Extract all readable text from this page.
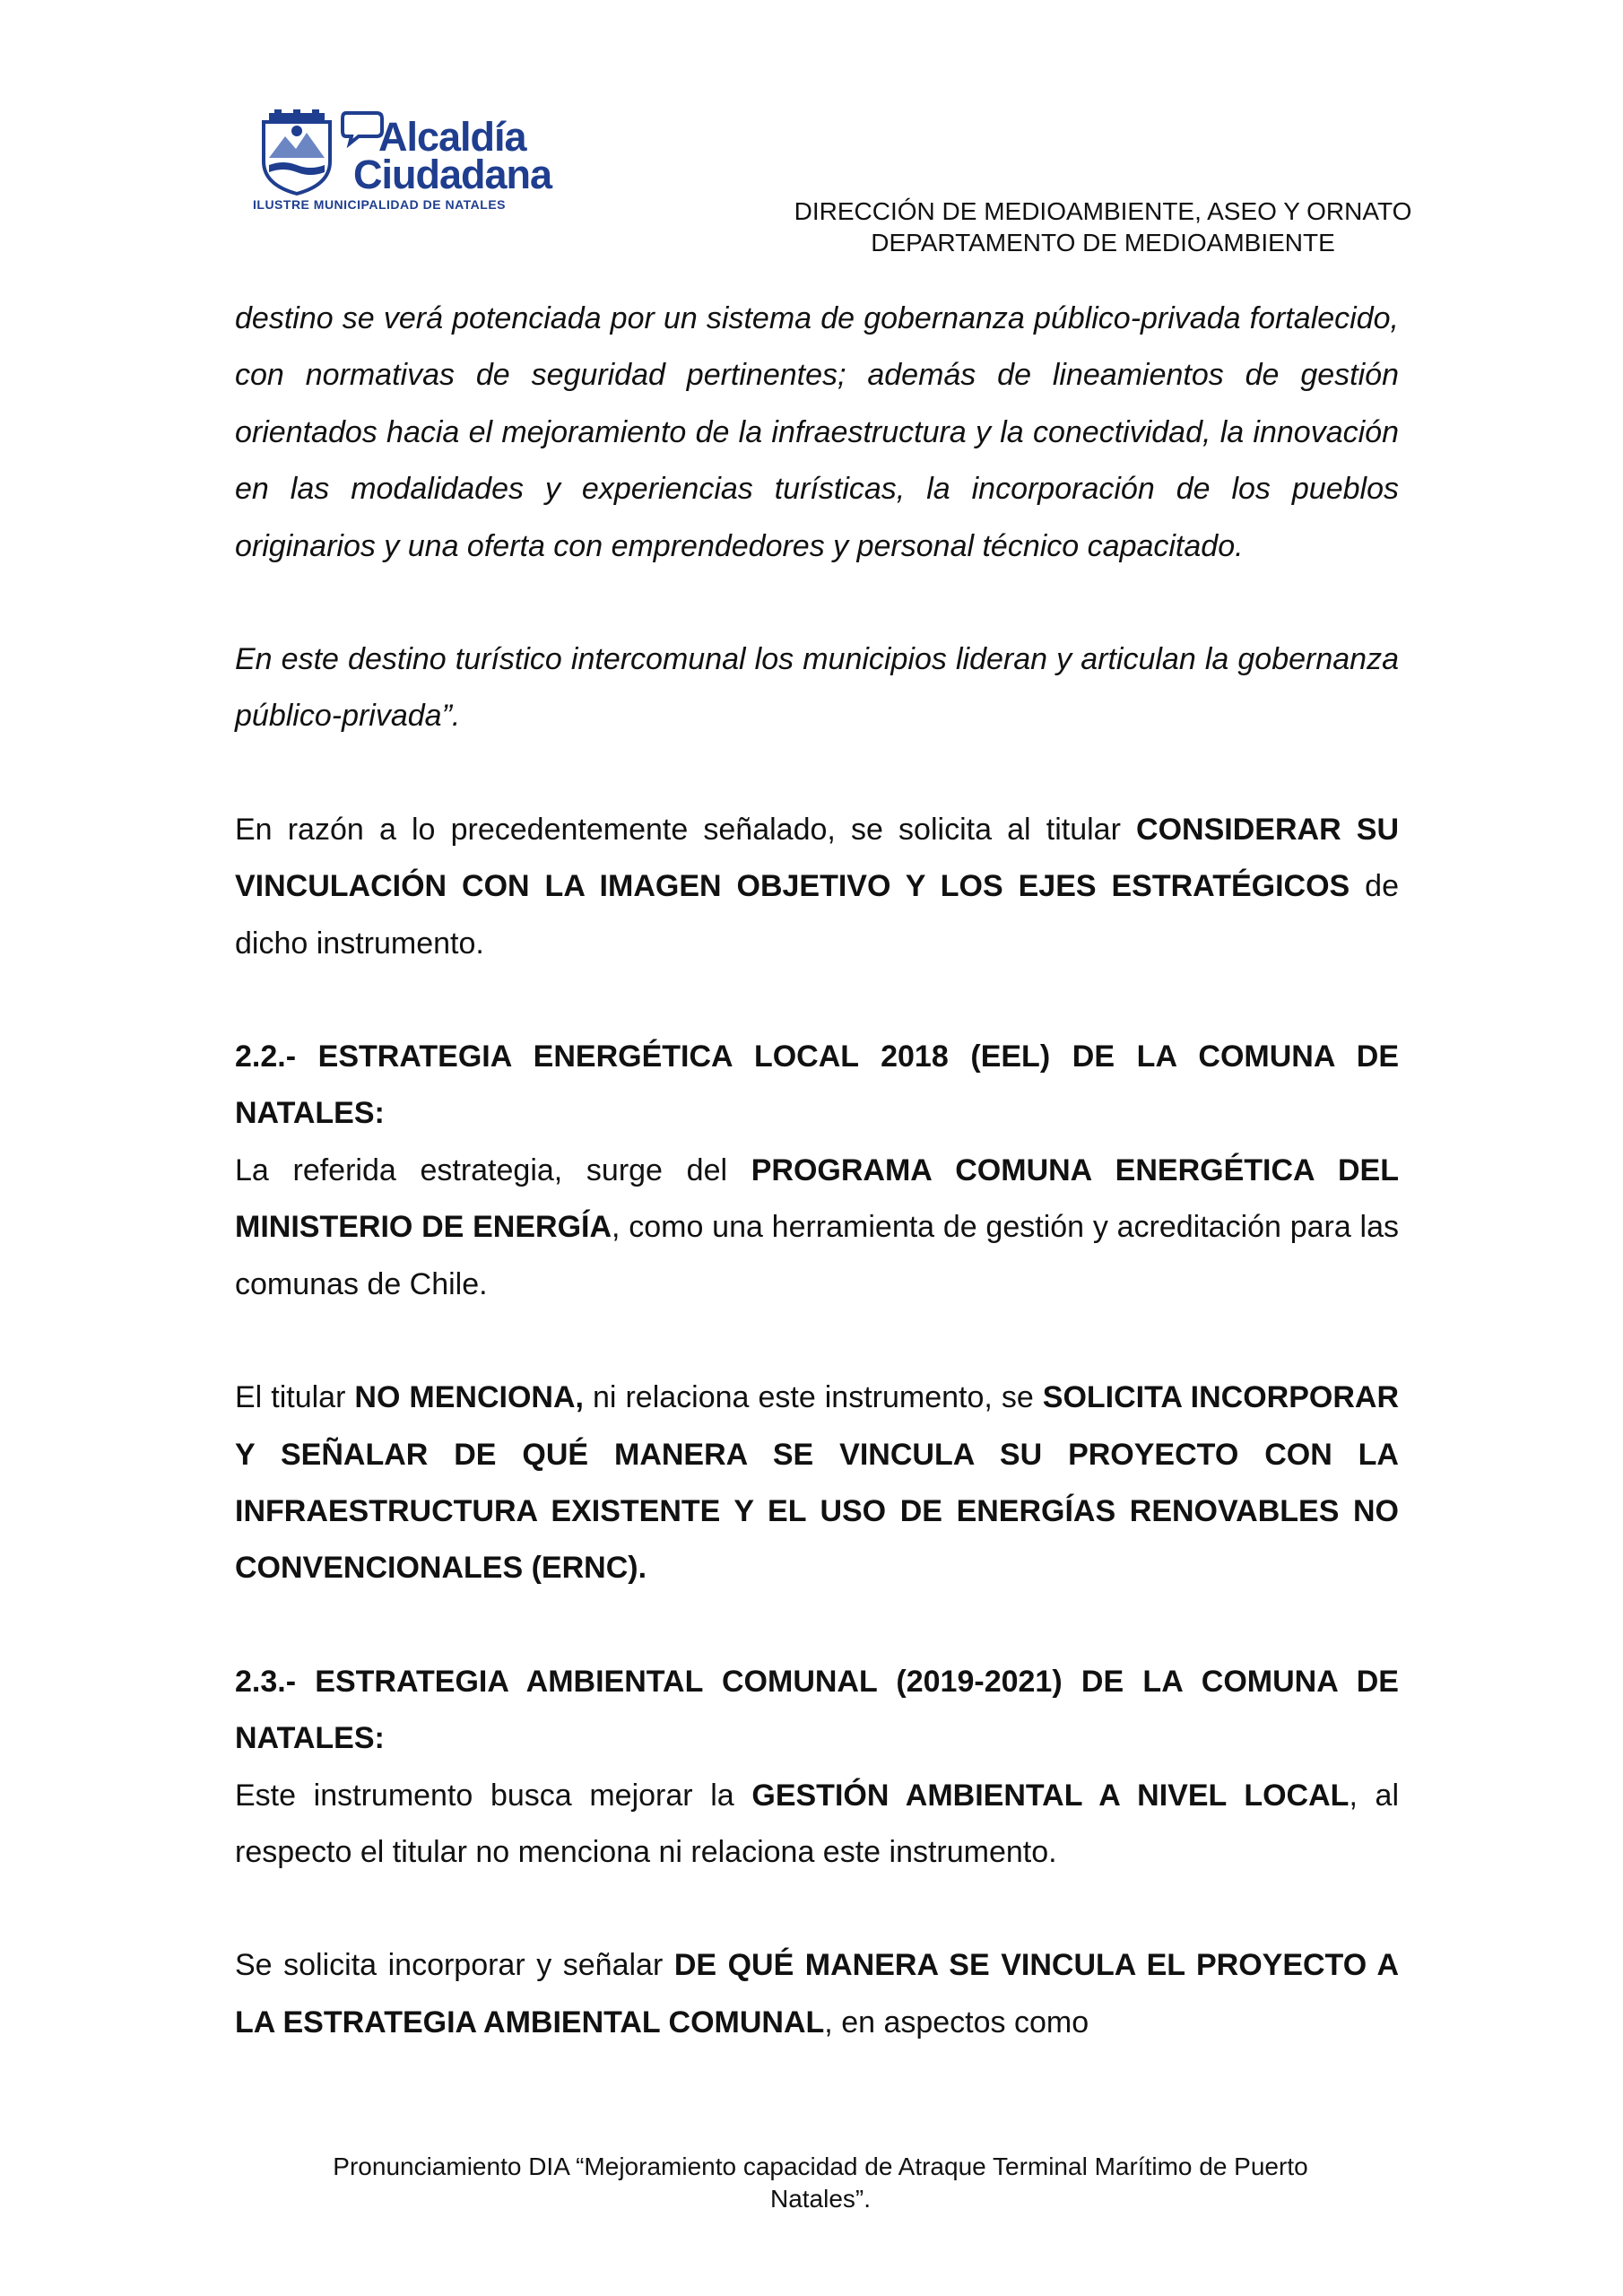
Alcaldía
Ciudadana
ILUSTRE MUNICIPALIDAD DE NATALES	DIRECCIÓN DE MEDIOAMBIENTE, ASEO Y ORNATO
DEPARTAMENTO DE MEDIOAMBIENTE

destino se verá potenciada por un sistema de gobernanza público-privada fortalecido, con normativas de seguridad pertinentes; además de lineamientos de gestión orientados hacia el mejoramiento de la infraestructura y la conectividad, la innovación en las modalidades y experiencias turísticas, la incorporación de los pueblos originarios y una oferta con emprendedores y personal técnico capacitado.

En este destino turístico intercomunal los municipios lideran y articulan la gobernanza público-privada”.

En razón a lo precedentemente señalado, se solicita al titular CONSIDERAR SU VINCULACIÓN CON LA IMAGEN OBJETIVO Y LOS EJES ESTRATÉGICOS de dicho instrumento.

2.2.- ESTRATEGIA ENERGÉTICA LOCAL 2018 (EEL) DE LA COMUNA DE NATALES:

La referida estrategia, surge del PROGRAMA COMUNA ENERGÉTICA DEL MINISTERIO DE ENERGÍA, como una herramienta de gestión y acreditación para las comunas de Chile.

El titular NO MENCIONA, ni relaciona este instrumento, se SOLICITA INCORPORAR Y SEÑALAR DE QUÉ MANERA SE VINCULA SU PROYECTO CON LA INFRAESTRUCTURA EXISTENTE Y EL USO DE ENERGÍAS RENOVABLES NO CONVENCIONALES (ERNC).

2.3.- ESTRATEGIA AMBIENTAL COMUNAL (2019-2021) DE LA COMUNA DE NATALES:

Este instrumento busca mejorar la GESTIÓN AMBIENTAL A NIVEL LOCAL, al respecto el titular no menciona ni relaciona este instrumento.

Se solicita incorporar y señalar DE QUÉ MANERA SE VINCULA EL PROYECTO A LA ESTRATEGIA AMBIENTAL COMUNAL, en aspectos como

Pronunciamiento DIA “Mejoramiento capacidad de Atraque Terminal Marítimo de Puerto
Natales”.
